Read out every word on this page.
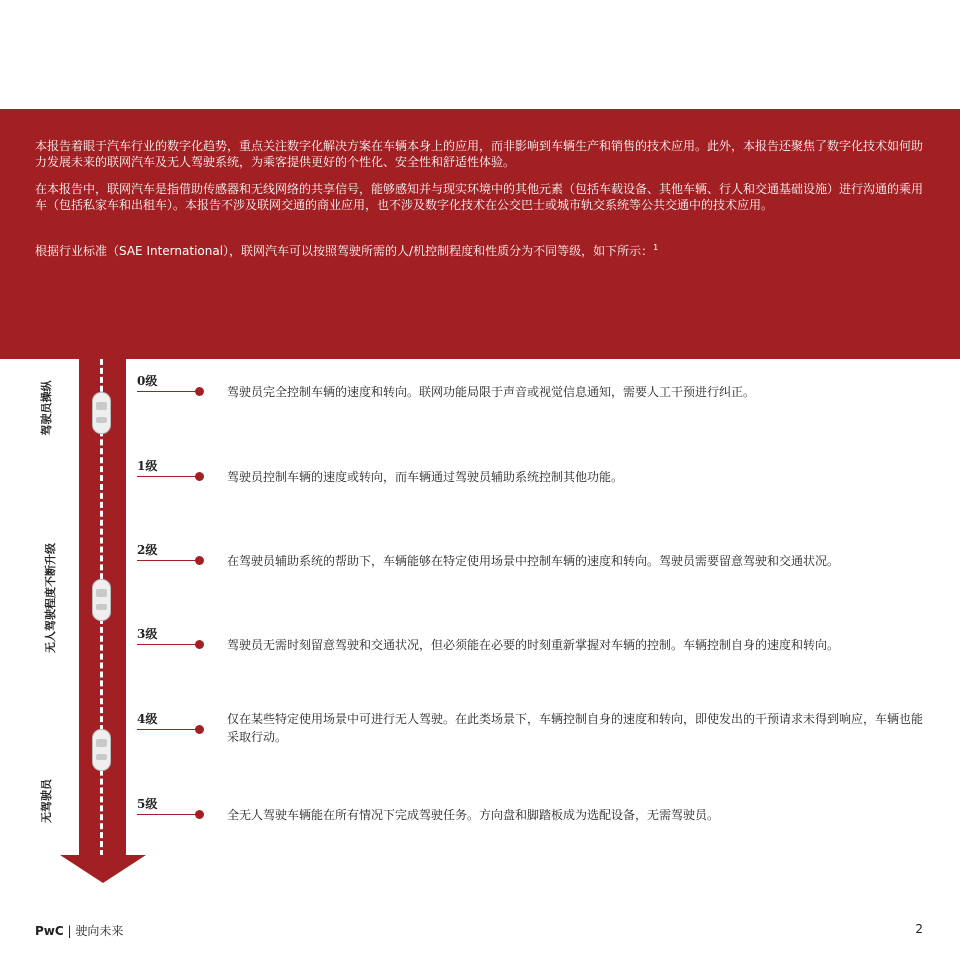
本报告着眼于汽车行业的数字化趋势，重点关注数字化解决方案在车辆本身上的应用，而非影响到车辆生产和销售的技术应用。此外，本报告还聚焦了数字化技术如何助力发展未来的联网汽车及无人驾驶系统，为乘客提供更好的个性化、安全性和舒适性体验。

在本报告中，联网汽车是指借助传感器和无线网络的共享信号，能够感知并与现实环境中的其他元素（包括车载设备、其他车辆、行人和交通基础设施）进行沟通的乘用车（包括私家车和出租车）。本报告不涉及联网交通的商业应用，也不涉及数字化技术在公交巴士或城市轨交系统等公共交通中的技术应用。

根据行业标准（SAE International），联网汽车可以按照驾驶所需的人/机控制程度和性质分为不同等级，如下所示：$^1$

驾驶员操纵
无人驾驶程度不断升级
无驾驶员
0级
驾驶员完全控制车辆的速度和转向。联网功能局限于声音或视觉信息通知，需要人工干预进行纠正。
1级
驾驶员控制车辆的速度或转向，而车辆通过驾驶员辅助系统控制其他功能。
2级
在驾驶员辅助系统的帮助下，车辆能够在特定使用场景中控制车辆的速度和转向。驾驶员需要留意驾驶和交通状况。
3级
驾驶员无需时刻留意驾驶和交通状况，但必须能在必要的时刻重新掌握对车辆的控制。车辆控制自身的速度和转向。
4级	仅在某些特定使用场景中可进行无人驾驶。在此类场景下，车辆控制自身的速度和转向，即使发出的干预请求未得到响应，车辆也能采取行动。
5级
全无人驾驶车辆能在所有情况下完成驾驶任务。方向盘和脚踏板成为选配设备，无需驾驶员。
PwC | 驶向未来	2
